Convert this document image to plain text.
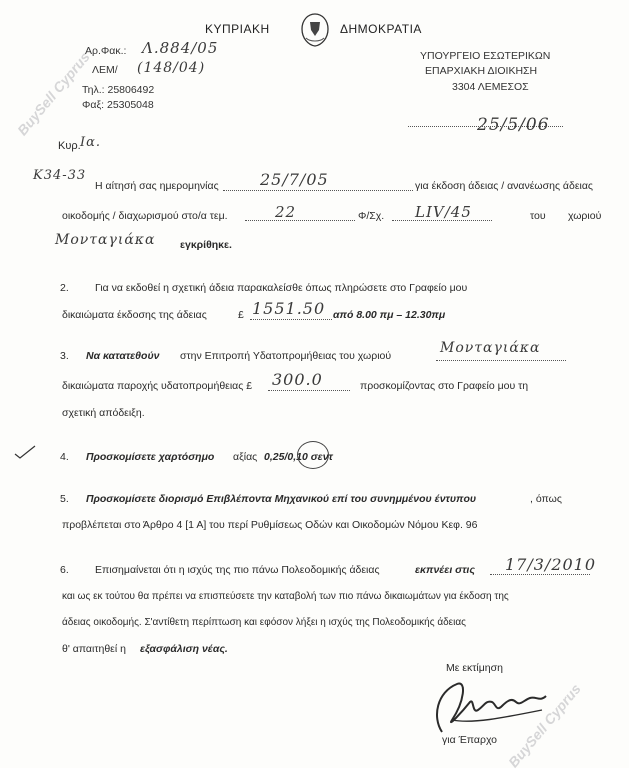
BuySell Cyprus
BuySell Cyprus
ΚΥΠΡΙΑΚΗ	ΔΗΜΟΚΡΑΤΙΑ
Αρ.Φακ.: Λ.884/05
ΛΕΜ/ (148/04)
Τηλ.: 25806492
Φαξ: 25305048
ΥΠΟΥΡΓΕΙΟ ΕΣΩΤΕΡΙΚΩΝ
ΕΠΑΡΧΙΑΚΗ ΔΙΟΙΚΗΣΗ
3304 ΛΕΜΕΣΟΣ
25/5/06
Κυρ. Ια.
Κ34-33
Η αίτησή σας ημερομηνίας	25/7/05	για έκδοση άδειας / ανανέωσης άδειας
οικοδομής / διαχωρισμού στο/α τεμ.	22	Φ/Σχ. LIV/45	του χωριού
Μονταγιάκα εγκρίθηκε.
2. Για να εκδοθεί η σχετική άδεια παρακαλείσθε όπως πληρώσετε στο Γραφείο μου
δικαιώματα έκδοσης της άδειας	£ 1551.50 από 8.00 πμ – 12.30πμ
3. Να κατατεθούν στην Επιτροπή Υδατοπρομήθειας του χωριού	Μονταγιάκα
δικαιώματα παροχής υδατοπρομήθειας £ 300.0	προσκομίζοντας στο Γραφείο μου τη
σχετική απόδειξη.
4. Προσκομίσετε χαρτόσημο αξίας 0,25/0,10 σεντ
5. Προσκομίσετε διορισμό Επιβλέποντα Μηχανικού επί του συνημμένου έντυπου	, όπως
προβλέπεται στο Άρθρο 4 [1 Α] του περί Ρυθμίσεως Οδών και Οικοδομών Νόμου Κεφ. 96
6. Επισημαίνεται ότι η ισχύς της πιο πάνω Πολεοδομικής άδειας	εκπνέει στις 17/3/2010
και ως εκ τούτου θα πρέπει να επισπεύσετε την καταβολή των πιο πάνω δικαιωμάτων για έκδοση της
άδειας οικοδομής. Σ'αντίθετη περίπτωση και εφόσον λήξει η ισχύς της Πολεοδομικής άδειας
θ' απαιτηθεί η εξασφάλιση νέας.
Με εκτίμηση
για Έπαρχο
